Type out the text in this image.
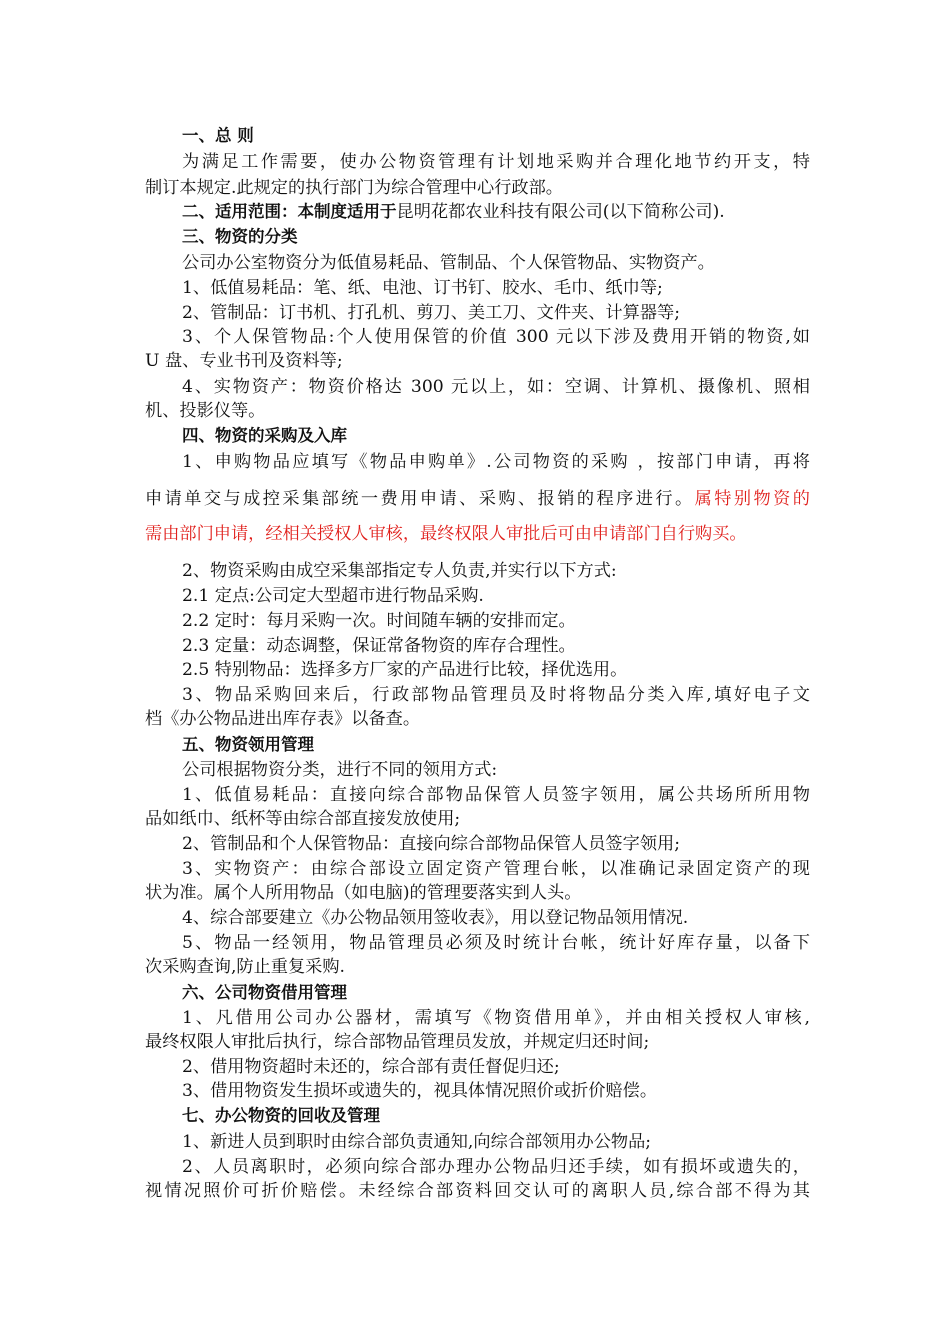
一、总 则
为满足工作需要，使办公物资管理有计划地采购并合理化地节约开支，特
制订本规定.此规定的执行部门为综合管理中心行政部。
二、适用范围：本制度适用于昆明花都农业科技有限公司(以下简称公司).
三、物资的分类
公司办公室物资分为低值易耗品、管制品、个人保管物品、实物资产。
1、低值易耗品：笔、纸、电池、订书钉、胶水、毛巾、纸巾等;
2、管制品：订书机、打孔机、剪刀、美工刀、文件夹、计算器等;
3、个人保管物品:个人使用保管的价值 300 元以下涉及费用开销的物资,如
U 盘、专业书刊及资料等;
4、实物资产：物资价格达 300 元以上，如：空调、计算机、摄像机、照相
机、投影仪等。
四、物资的采购及入库
1、申购物品应填写《物品申购单》.公司物资的采购 ，按部门申请，再将
申请单交与成控采集部统一费用申请、采购、报销的程序进行。属特别物资的
需由部门申请，经相关授权人审核，最终权限人审批后可由申请部门自行购买。
2、物资采购由成空采集部指定专人负责,并实行以下方式:
2.1 定点:公司定大型超市进行物品采购.
2.2 定时：每月采购一次。时间随车辆的安排而定。
2.3 定量：动态调整，保证常备物资的库存合理性。
2.5 特别物品：选择多方厂家的产品进行比较，择优选用。
3、物品采购回来后，行政部物品管理员及时将物品分类入库,填好电子文
档《办公物品进出库存表》以备查。
五、物资领用管理
公司根据物资分类，进行不同的领用方式:
1、低值易耗品：直接向综合部物品保管人员签字领用，属公共场所所用物
品如纸巾、纸杯等由综合部直接发放使用;
2、管制品和个人保管物品：直接向综合部物品保管人员签字领用;
3、实物资产：由综合部设立固定资产管理台帐，以准确记录固定资产的现
状为准。属个人所用物品（如电脑)的管理要落实到人头。
4、综合部要建立《办公物品领用签收表》，用以登记物品领用情况.
5、物品一经领用，物品管理员必须及时统计台帐，统计好库存量，以备下
次采购查询,防止重复采购.
六、公司物资借用管理
1、凡借用公司办公器材，需填写《物资借用单》，并由相关授权人审核,
最终权限人审批后执行，综合部物品管理员发放，并规定归还时间;
2、借用物资超时未还的，综合部有责任督促归还;
3、借用物资发生损坏或遗失的，视具体情况照价或折价赔偿。
七、办公物资的回收及管理
1、新进人员到职时由综合部负责通知,向综合部领用办公物品;
2、人员离职时，必须向综合部办理办公物品归还手续，如有损坏或遗失的，
视情况照价可折价赔偿。未经综合部资料回交认可的离职人员,综合部不得为其
